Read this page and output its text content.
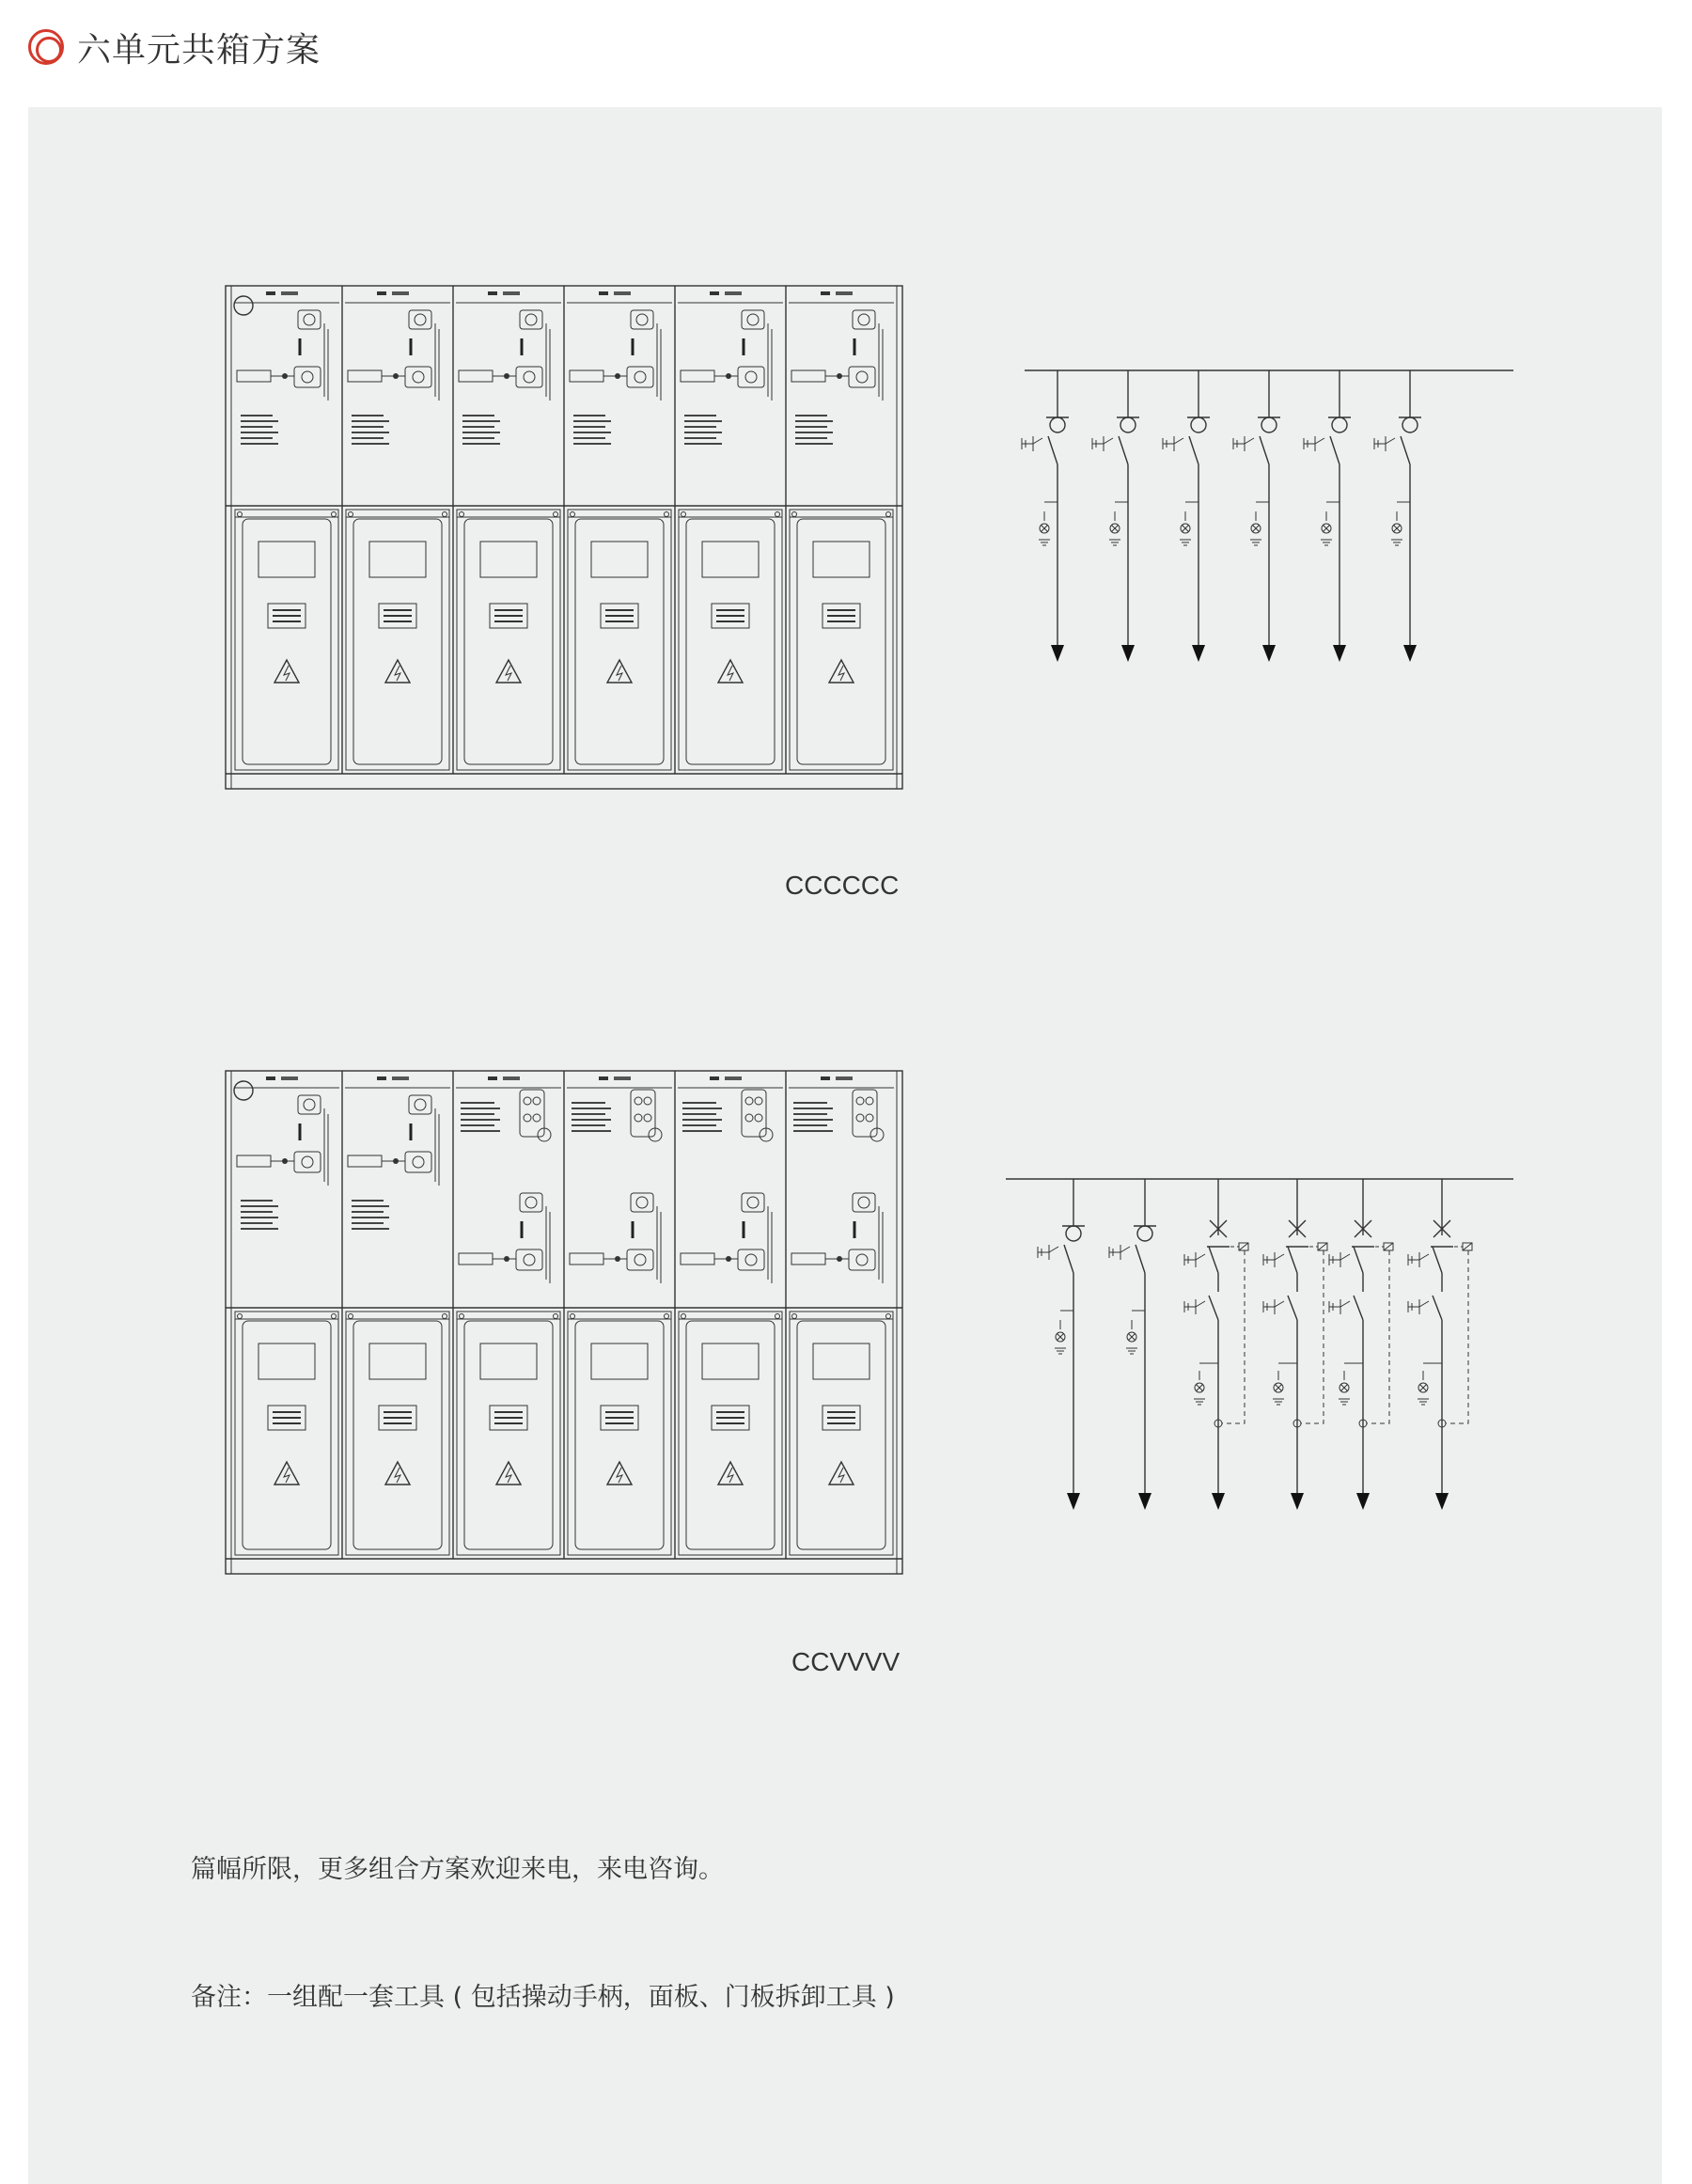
六单元共箱方案
CCCCCC
CCVVVV
篇幅所限，更多组合方案欢迎来电，来电咨询。
备注：一组配一套工具 ( 包括操动手柄，面板、门板拆卸工具 )
